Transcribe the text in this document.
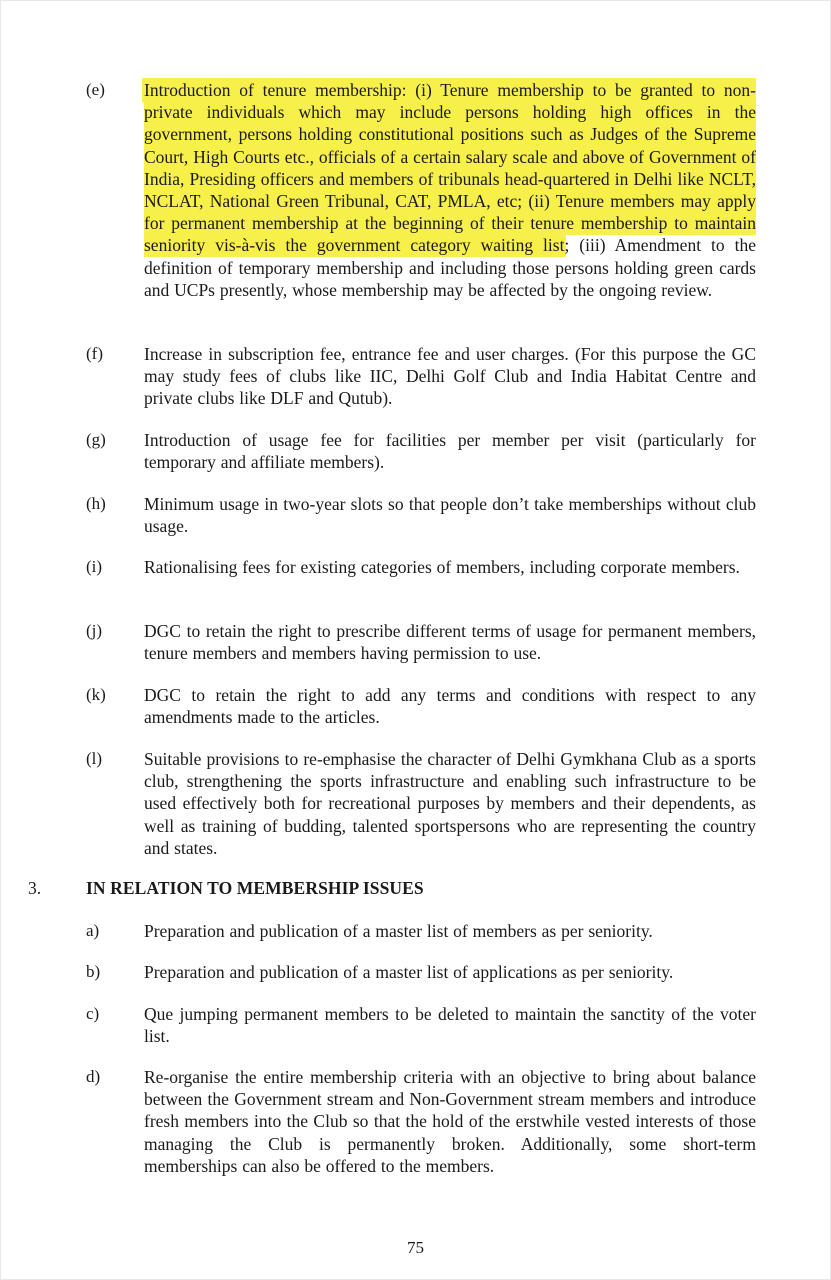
(e) Introduction of tenure membership: (i) Tenure membership to be granted to non-private individuals which may include persons holding high offices in the government, persons holding constitutional positions such as Judges of the Supreme Court, High Courts etc., officials of a certain salary scale and above of Government of India, Presiding officers and members of tribunals head-quartered in Delhi like NCLT, NCLAT, National Green Tribunal, CAT, PMLA, etc; (ii) Tenure members may apply for permanent membership at the beginning of their tenure membership to maintain seniority vis-à-vis the government category waiting list; (iii) Amendment to the definition of temporary membership and including those persons holding green cards and UCPs presently, whose membership may be affected by the ongoing review.
(f) Increase in subscription fee, entrance fee and user charges. (For this purpose the GC may study fees of clubs like IIC, Delhi Golf Club and India Habitat Centre and private clubs like DLF and Qutub).
(g) Introduction of usage fee for facilities per member per visit (particularly for temporary and affiliate members).
(h) Minimum usage in two-year slots so that people don’t take memberships without club usage.
(i) Rationalising fees for existing categories of members, including corporate members.
(j) DGC to retain the right to prescribe different terms of usage for permanent members, tenure members and members having permission to use.
(k) DGC to retain the right to add any terms and conditions with respect to any amendments made to the articles.
(l) Suitable provisions to re-emphasise the character of Delhi Gymkhana Club as a sports club, strengthening the sports infrastructure and enabling such infrastructure to be used effectively both for recreational purposes by members and their dependents, as well as training of budding, talented sportspersons who are representing the country and states.
3.	IN RELATION TO MEMBERSHIP ISSUES
a)	Preparation and publication of a master list of members as per seniority.
b)	Preparation and publication of a master list of applications as per seniority.
c)	Que jumping permanent members to be deleted to maintain the sanctity of the voter list.
d)	Re-organise the entire membership criteria with an objective to bring about balance between the Government stream and Non-Government stream members and introduce fresh members into the Club so that the hold of the erstwhile vested interests of those managing the Club is permanently broken. Additionally, some short-term memberships can also be offered to the members.
75
